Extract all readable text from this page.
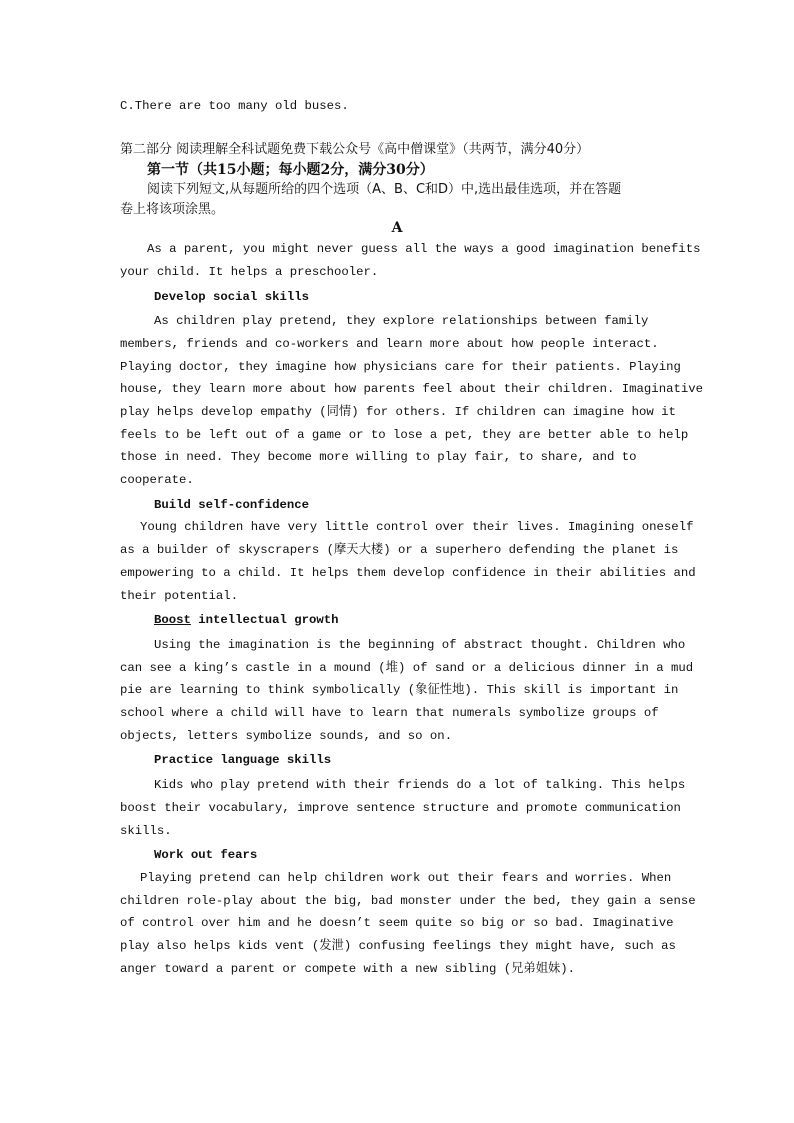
C.There are too many old buses.
第二部分 阅读理解全科试题免费下载公众号《高中僧课堂》（共两节，满分40分）
第一节（共15小题；每小题2分，满分30分）
阅读下列短文,从每题所给的四个选项（A、B、C和D）中,选出最佳选项，并在答题
卷上将该项涂黑。
A
As a parent, you might never guess all the ways a good imagination benefits
your child. It helps a preschooler.
Develop social skills
As children play pretend, they explore relationships between family
members, friends and co-workers and learn more about how people interact.
Playing doctor, they imagine how physicians care for their patients. Playing
house, they learn more about how parents feel about their children. Imaginative
play helps develop empathy (同情) for others. If children can imagine how it
feels to be left out of a game or to lose a pet, they are better able to help
those in need. They become more willing to play fair, to share, and to
cooperate.
Build self-confidence
Young children have very little control over their lives. Imagining oneself
as a builder of skyscrapers (摩天大楼) or a superhero defending the planet is
empowering to a child. It helps them develop confidence in their abilities and
their potential.
Boost intellectual growth
Using the imagination is the beginning of abstract thought. Children who
can see a king’s castle in a mound (堆) of sand or a delicious dinner in a mud
pie are learning to think symbolically (象征性地). This skill is important in
school where a child will have to learn that numerals symbolize groups of
objects, letters symbolize sounds, and so on.
Practice language skills
Kids who play pretend with their friends do a lot of talking. This helps
boost their vocabulary, improve sentence structure and promote communication
skills.
Work out fears
Playing pretend can help children work out their fears and worries. When
children role-play about the big, bad monster under the bed, they gain a sense
of control over him and he doesn’t seem quite so big or so bad. Imaginative
play also helps kids vent (发泄) confusing feelings they might have, such as
anger toward a parent or compete with a new sibling (兄弟姐妹).
